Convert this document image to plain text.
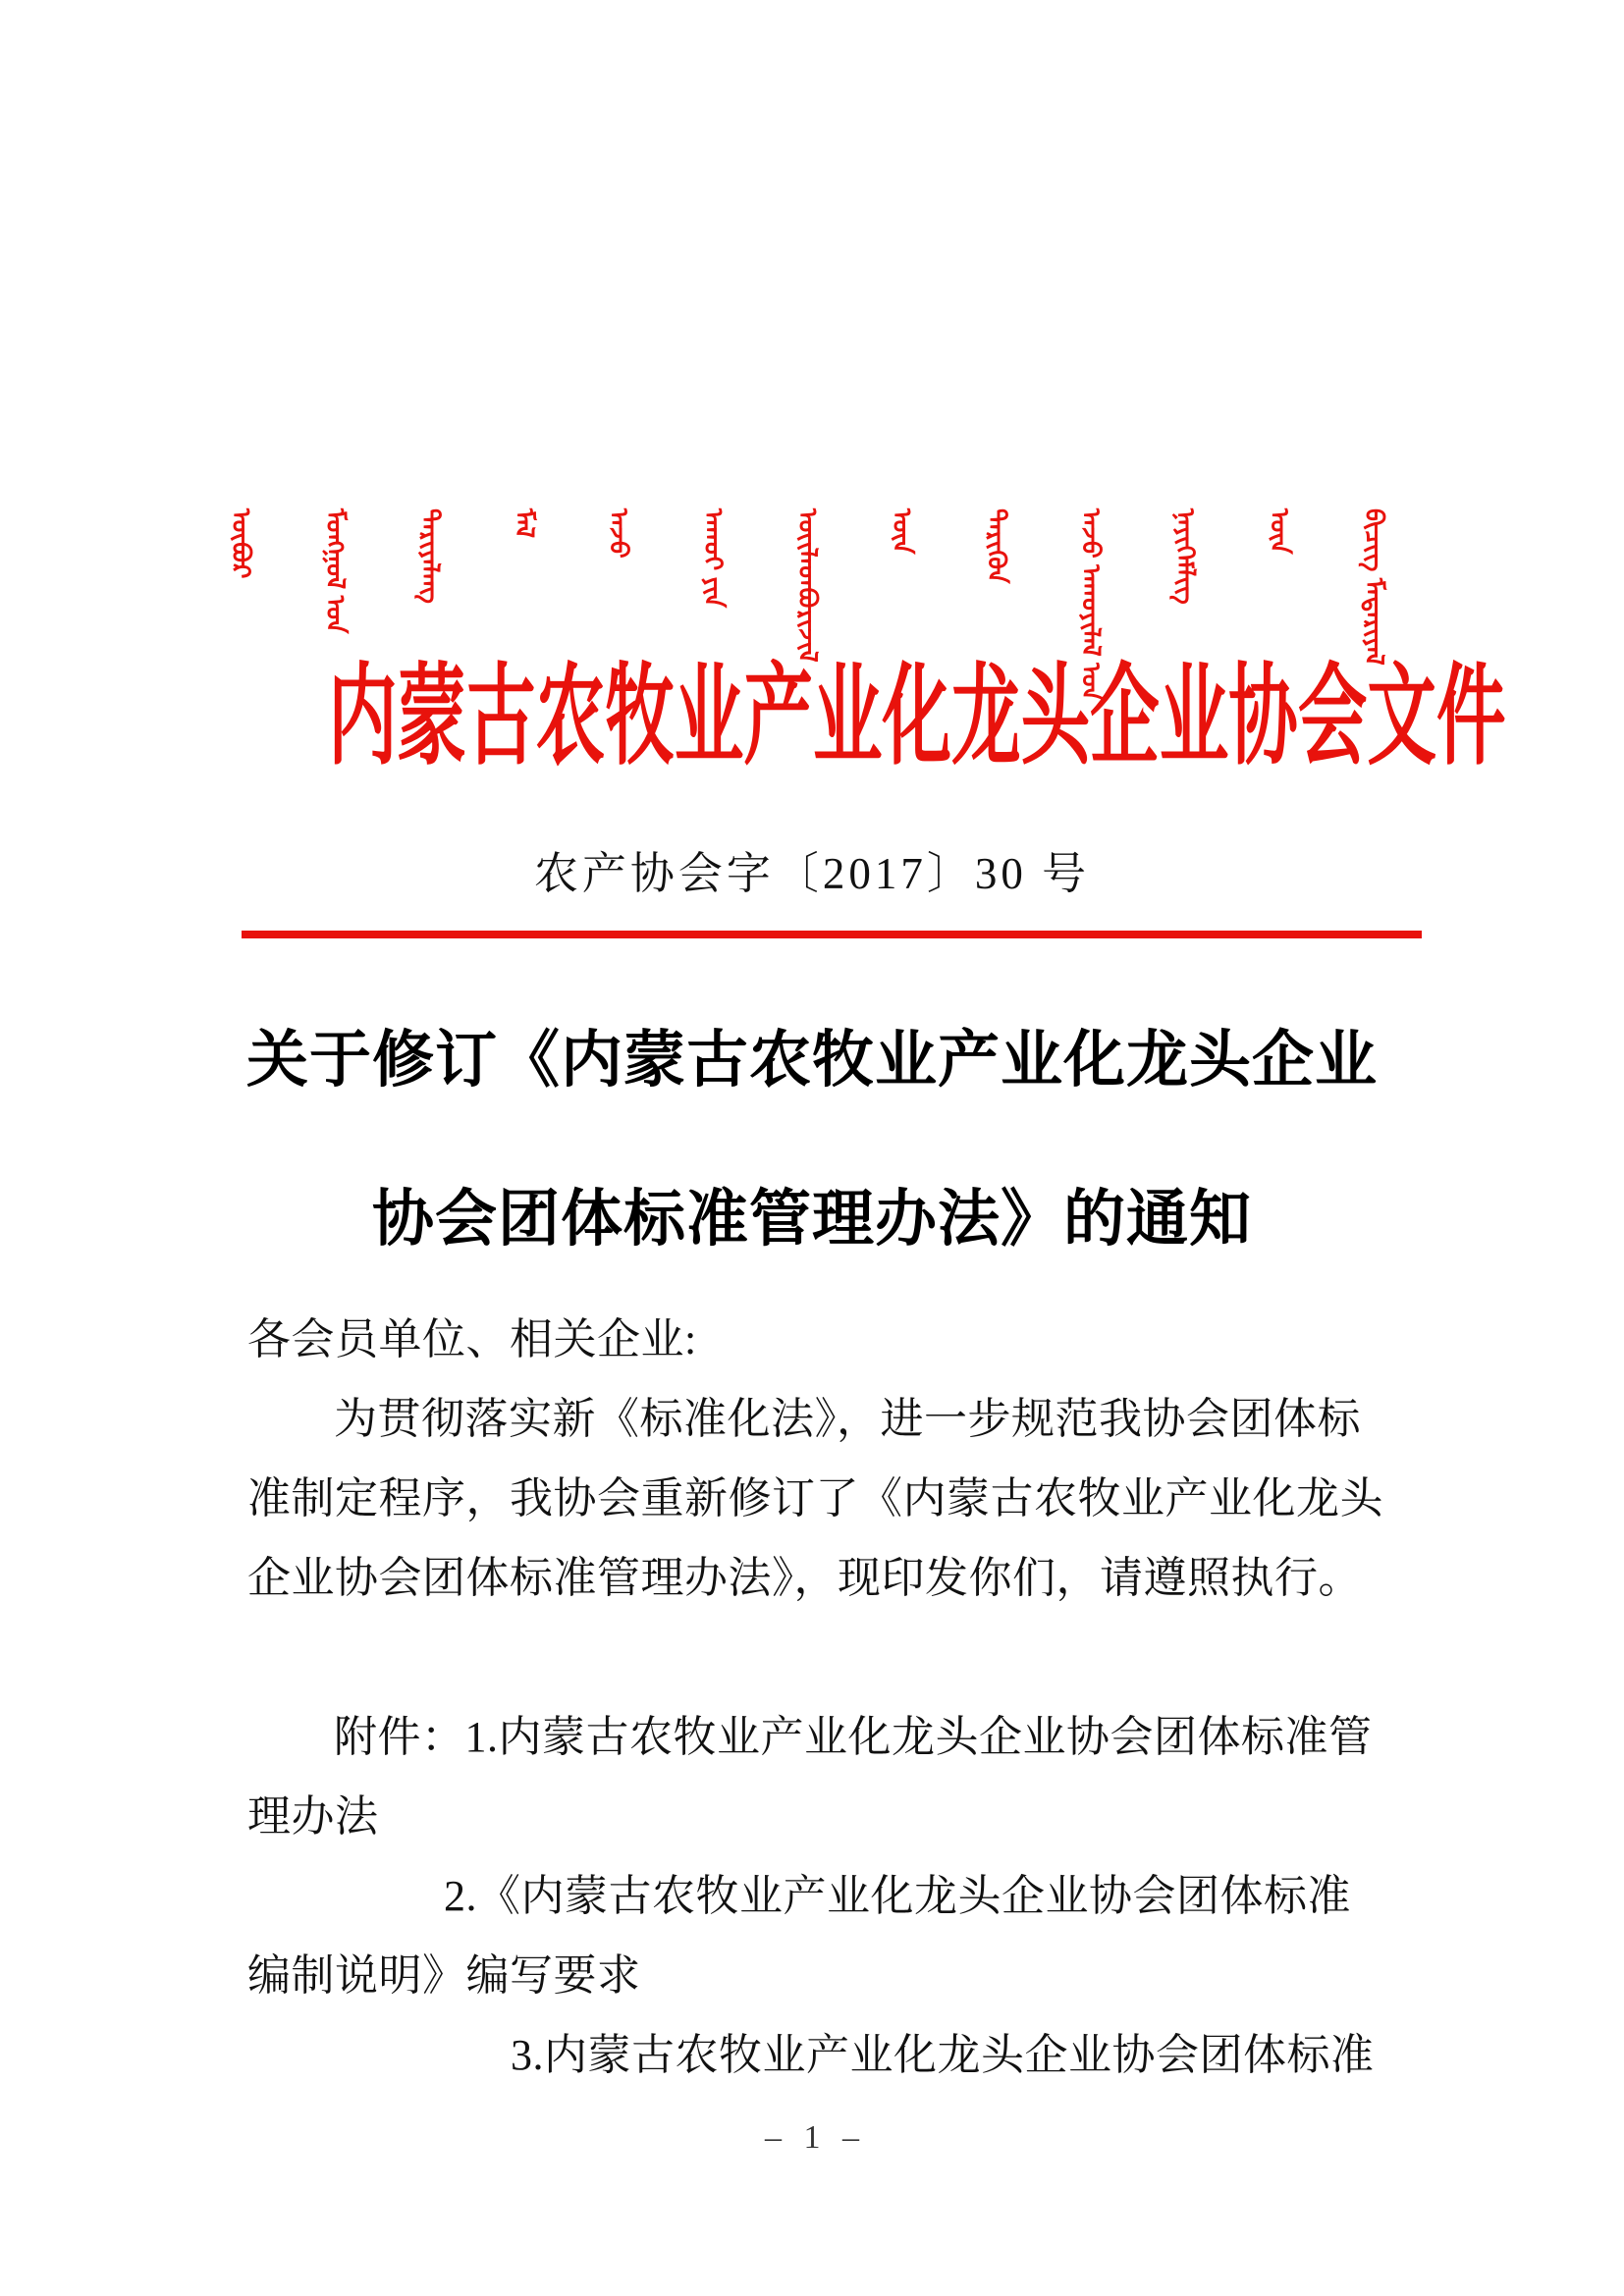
ᠥᠪᠥᠷ	ᠮᠣᠩᠭᠣᠯ ᠤᠨ	ᠲᠠᠷᠢᠶᠠᠯᠠᠩ	ᠮᠠᠯ	ᠠᠵᠤ	ᠠᠬᠤᠢ ᠶᠢᠨ	ᠦᠢᠯᠡᠳᠪᠦᠷᠢᠵᠢᠯ	ᠦᠨ	ᠲᠡᠷᠢᠭᠦᠨ	ᠠᠵᠤ ᠠᠬᠤᠶᠢᠯᠠᠯ ᠤᠨ	ᠨᠡᠶᠢᠭᠡᠮᠯᠢᠭ	ᠦᠨ	ᠪᠢᠴᠢᠭ ᠮᠠᠲᠡᠷᠢᠶᠠᠯ
内蒙古农牧业产业化龙头企业协会文件
农产协会字〔2017〕30 号
关于修订《内蒙古农牧业产业化龙头企业
协会团体标准管理办法》的通知
各会员单位、相关企业:
为贯彻落实新《标准化法》，进一步规范我协会团体标
准制定程序，我协会重新修订了《内蒙古农牧业产业化龙头
企业协会团体标准管理办法》，现印发你们，请遵照执行。
附件：1.内蒙古农牧业产业化龙头企业协会团体标准管
理办法
2.《内蒙古农牧业产业化龙头企业协会团体标准
编制说明》编写要求
3.内蒙古农牧业产业化龙头企业协会团体标准
– 1 –
